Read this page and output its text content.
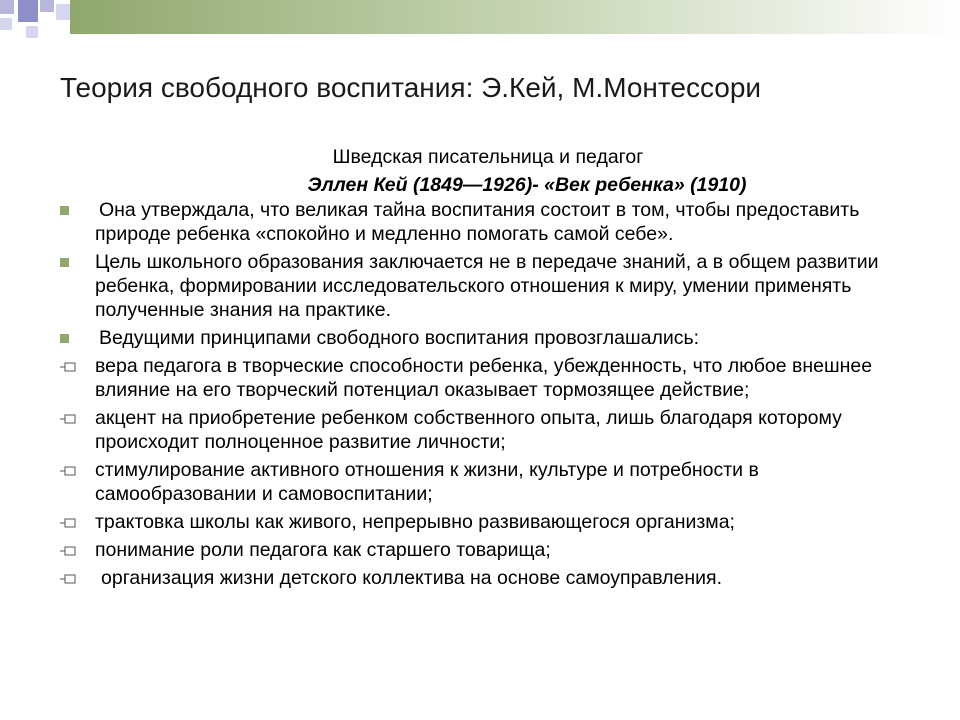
Теория свободного воспитания: Э.Кей, М.Монтессори

Шведская писательница и педагог

Эллен Кей (1849—1926)- «Век ребенка» (1910)

Она утверждала, что великая тайна воспитания состоит в том, чтобы предоставить природе ребенка «спокойно и медленно помогать самой себе».
Цель школьного образования заключается не в передаче знаний, а в общем развитии ребенка, формировании исследовательского отношения к миру, умении применять полученные знания на практике.
Ведущими принципами свободного воспитания провозглашались:
вера педагога в творческие способности ребенка, убежденность, что любое внешнее влияние на его творческий потенциал оказывает тормозящее действие;
акцент на приобретение ребенком собственного опыта, лишь благодаря которому происходит полноценное развитие личности;
стимулирование активного отношения к жизни, культуре и потребности в самообразовании и самовоспитании;
трактовка школы как живого, непрерывно развивающегося организма;
понимание роли педагога как старшего товарища;
организация жизни детского коллектива на основе самоуправления.
